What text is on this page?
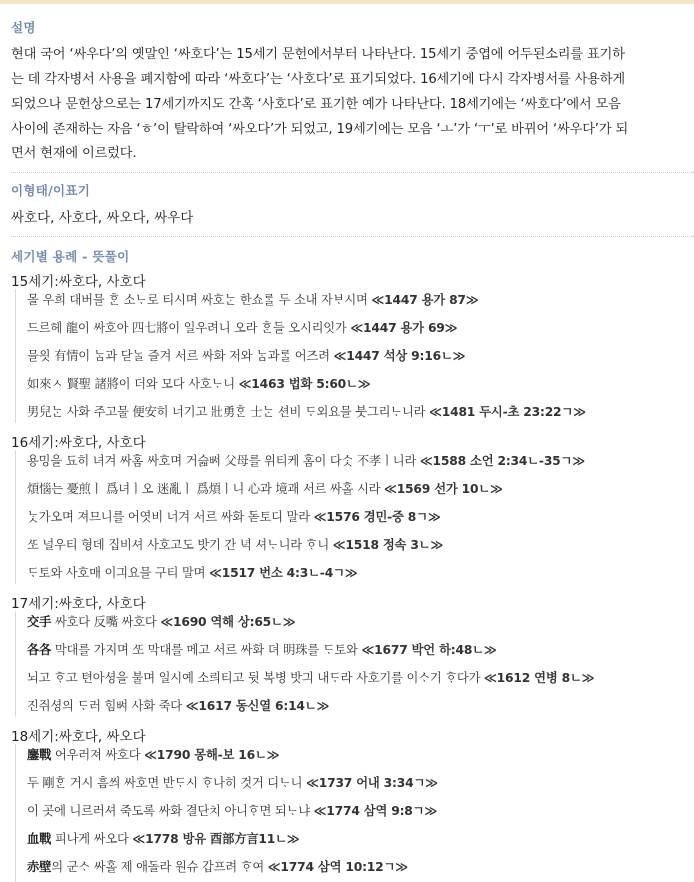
설명
현대 국어 ‘싸우다’의 옛말인 ‘싸호다’는 15세기 문헌에서부터 나타난다. 15세기 중엽에 어두된소리를 표기하
는 데 각자병서 사용을 폐지함에 따라 ‘싸호다’는 ‘사호다’로 표기되었다. 16세기에 다시 각자병서를 사용하게
되었으나 문헌상으로는 17세기까지도 간혹 ‘사호다’로 표기한 예가 나타난다. 18세기에는 ‘싸호다’에서 모음
사이에 존재하는 자음 ‘ㅎ’이 탈락하여 ‘싸오다’가 되었고, 19세기에는 모음 ‘ㅗ’가 ‘ㅜ’로 바뀌어 ‘싸우다’가 되
면서 현재에 이르렀다.
이형태/이표기
싸호다, 사호다, 싸오다, 싸우다
세기별 용례 - 뜻풀이
15세기:싸호다, 사호다
몰 우희 대버믈 ᄒᆞᆫ 소ᄂᆞ로 티시며 싸호ᄂᆞᆫ 한쇼ᄅᆞᆯ 두 소내 자ᄇᆞ시며 ≪1447 용가 87≫
드르헤 龍이 싸호아 四七將이 일우려니 오라 ᄒᆞᆫ들 오시리잇가 ≪1447 용가 69≫
믈읫 有情이 ᄂᆞᆷ과 닫ᄂᆞᆯ 즐겨 서르 싸화 저와 ᄂᆞᆷ과ᄅᆞᆯ 어즈려 ≪1447 석상 9:16ㄴ≫
如來ㅅ 賢聖 諸將이 더와 모다 사호ᄂᆞ니 ≪1463 법화 5:60ㄴ≫
男兒ᄂᆞᆫ 사화 주고물 便安히 너기고 壯勇ᄒᆞᆫ 士ᄂᆞᆫ 션비 ᄃᆞ외요믈 붓그리ᄂᆞ니라 ≪1481 두시-초 23:22ㄱ≫
16세기:싸호다, 사호다
용밍을 됴히 녀겨 싸홈 싸호며 거슯ᄡᅥ 父母를 위티케 홈이 다ᄉᆞᆺ 不孝ㅣ니라 ≪1588 소언 2:34ㄴ-35ㄱ≫
煩惱는 憂煎ㅣ 爲녀ㅣ오 迷亂ㅣ 爲煩ㅣ니 心과 境괘 서르 싸홀 시라 ≪1569 선가 10ㄴ≫
ᄂᆞᆺ가오며 져므니를 어엿비 너겨 서르 싸화 돋토디 말라 ≪1576 경민-중 8ㄱ≫
ᄯᅩ 널우티 형데 집비셔 사호고도 밧기 간 녁 셔ᄂᆞ니라 ᄒᆞ니 ≪1518 정속 3ㄴ≫
ᄃᆞ토와 사호매 이긔요믈 구티 말며 ≪1517 번소 4:3ㄴ-4ㄱ≫
17세기:싸호다, 사호다
交手 싸호다 反嘴 싸호다 ≪1690 역해 상:65ㄴ≫
各各 막대를 가지며 ᄯᅩ 막대를 메고 서르 싸화 뎌 明珠를 ᄃᆞ토와 ≪1677 박언 하:48ㄴ≫
뇌고 ᄒᆞ고 텬아셩을 불며 일시예 소릐티고 뒷 복병 밧긔 내ᄃᆞ라 사호기를 이ᄉᆞ기 ᄒᆞ다가 ≪1612 연병 8ㄴ≫
진쥐셩의 ᄃᆞ러 힘ᄡᅥ 사화 죽다 ≪1617 동신열 6:14ㄴ≫
18세기:싸호다, 싸오다
鏖戰 어우러져 싸호다 ≪1790 몽해-보 16ㄴ≫
두 剛ᄒᆞᆫ 거시 흠씌 싸호면 반ᄃᆞ시 ᄒᆞ나히 것거 디ᄂᆞ니 ≪1737 어내 3:34ㄱ≫
이 곳에 니르러셔 죽도록 싸화 결단치 아니ᄒᆞ면 되ᄂᆞ냐 ≪1774 삼역 9:8ㄱ≫
血戰 피나게 싸오다 ≪1778 방유 酉部方言11ㄴ≫
赤壁의 군ᄉᆞ 싸홀 제 애돌라 원슈 갑프려 ᄒᆞ여 ≪1774 삼역 10:12ㄱ≫
